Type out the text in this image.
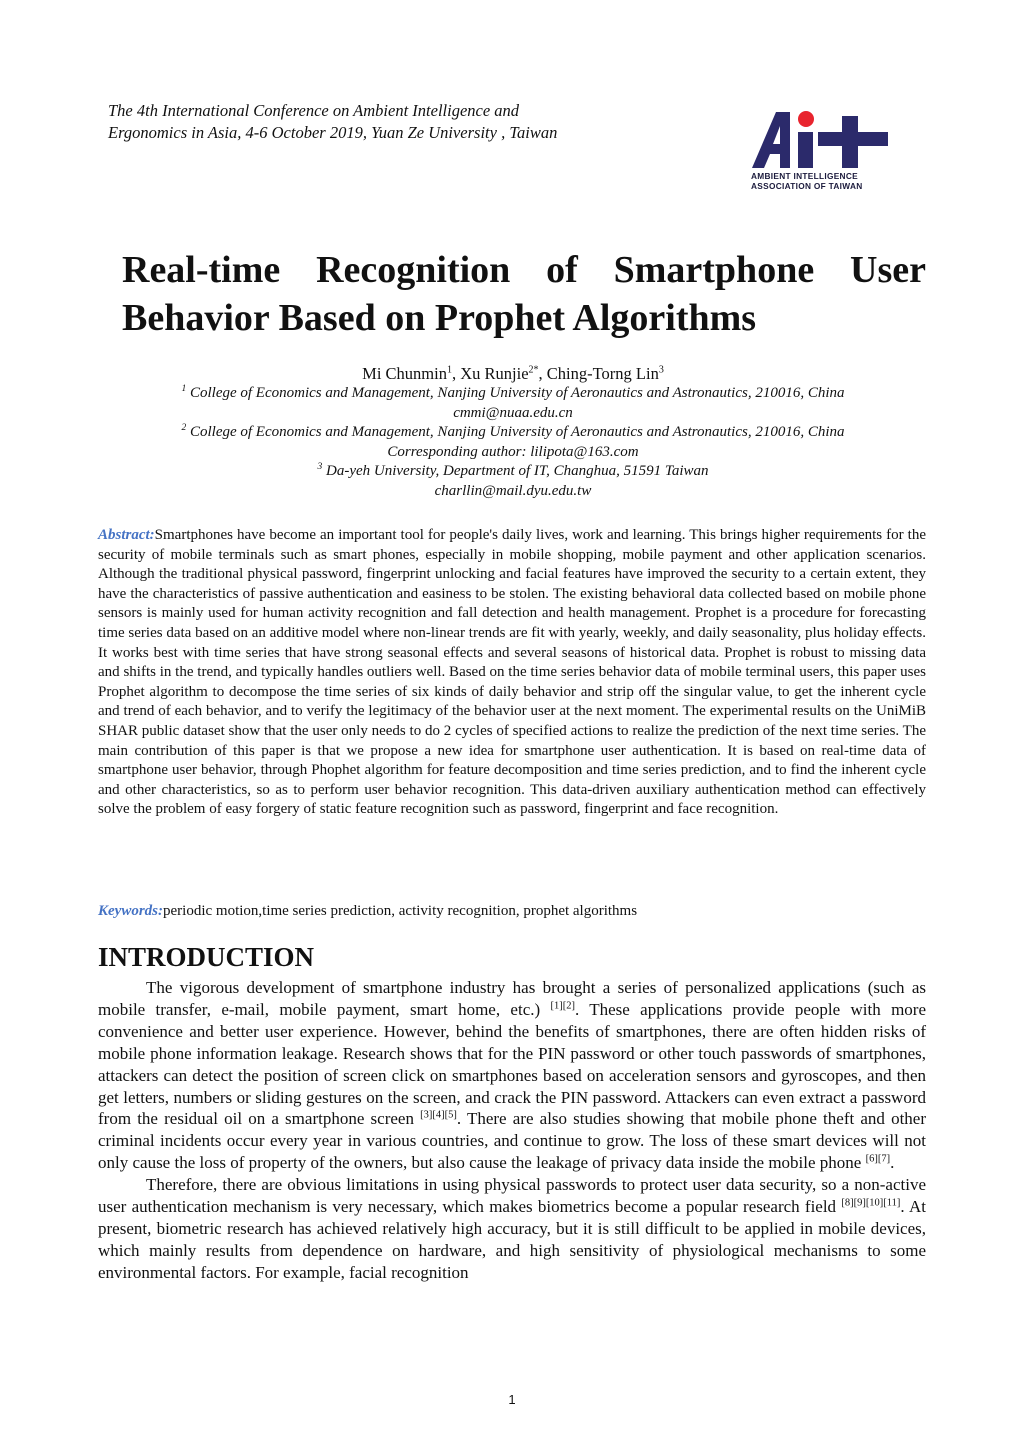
The 4th International Conference on Ambient Intelligence and
Ergonomics in Asia, 4-6 October 2019, Yuan Ze University , Taiwan
AMBIENT INTELLIGENCE
ASSOCIATION OF TAIWAN
Real-time Recognition of Smartphone User
Behavior Based on Prophet Algorithms
Mi Chunmin$^1$, Xu Runjie$^{2*}$, Ching-Torng Lin$^3$
$^1$ College of Economics and Management, Nanjing University of Aeronautics and Astronautics, 210016, China
cmmi@nuaa.edu.cn
$^2$ College of Economics and Management, Nanjing University of Aeronautics and Astronautics, 210016, China
Corresponding author: lilipota@163.com
$^3$ Da-yeh University, Department of IT, Changhua, 51591 Taiwan
charllin@mail.dyu.edu.tw

Abstract:Smartphones have become an important tool for people's daily lives, work and learning. This brings higher requirements for the security of mobile terminals such as smart phones, especially in mobile shopping, mobile payment and other application scenarios. Although the traditional physical password, fingerprint unlocking and facial features have improved the security to a certain extent, they have the characteristics of passive authentication and easiness to be stolen. The existing behavioral data collected based on mobile phone sensors is mainly used for human activity recognition and fall detection and health management. Prophet is a procedure for forecasting time series data based on an additive model where non-linear trends are fit with yearly, weekly, and daily seasonality, plus holiday effects. It works best with time series that have strong seasonal effects and several seasons of historical data. Prophet is robust to missing data and shifts in the trend, and typically handles outliers well. Based on the time series behavior data of mobile terminal users, this paper uses Prophet algorithm to decompose the time series of six kinds of daily behavior and strip off the singular value, to get the inherent cycle and trend of each behavior, and to verify the legitimacy of the behavior user at the next moment. The experimental results on the UniMiB SHAR public dataset show that the user only needs to do 2 cycles of specified actions to realize the prediction of the next time series. The main contribution of this paper is that we propose a new idea for smartphone user authentication. It is based on real-time data of smartphone user behavior, through Phophet algorithm for feature decomposition and time series prediction, and to find the inherent cycle and other characteristics, so as to perform user behavior recognition. This data-driven auxiliary authentication method can effectively solve the problem of easy forgery of static feature recognition such as password, fingerprint and face recognition.

Keywords:periodic motion,time series prediction, activity recognition, prophet algorithms

INTRODUCTION

The vigorous development of smartphone industry has brought a series of personalized applications (such as mobile transfer, e-mail, mobile payment, smart home, etc.) [1][2]. These applications provide people with more convenience and better user experience. However, behind the benefits of smartphones, there are often hidden risks of mobile phone information leakage. Research shows that for the PIN password or other touch passwords of smartphones, attackers can detect the position of screen click on smartphones based on acceleration sensors and gyroscopes, and then get letters, numbers or sliding gestures on the screen, and crack the PIN password. Attackers can even extract a password from the residual oil on a smartphone screen [3][4][5]. There are also studies showing that mobile phone theft and other criminal incidents occur every year in various countries, and continue to grow. The loss of these smart devices will not only cause the loss of property of the owners, but also cause the leakage of privacy data inside the mobile phone [6][7].

Therefore, there are obvious limitations in using physical passwords to protect user data security, so a non-active user authentication mechanism is very necessary, which makes biometrics become a popular research field [8][9][10][11]. At present, biometric research has achieved relatively high accuracy, but it is still difficult to be applied in mobile devices, which mainly results from dependence on hardware, and high sensitivity of physiological mechanisms to some environmental factors. For example, facial recognition

1
